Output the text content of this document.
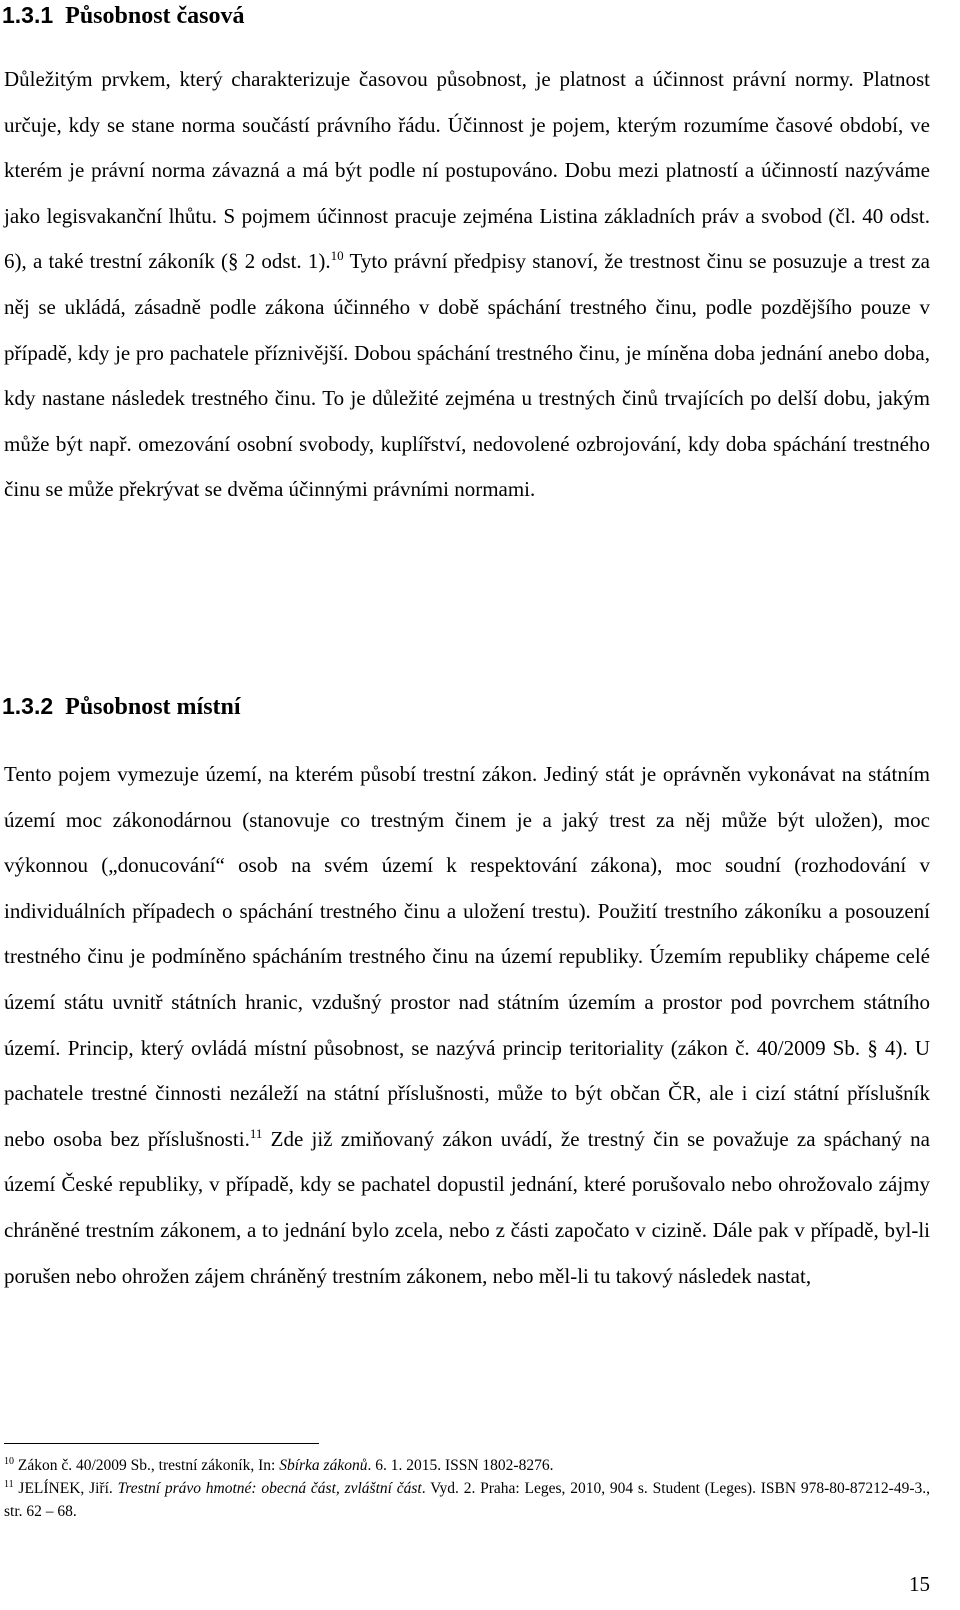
1.3.1 Působnost časová

Důležitým prvkem, který charakterizuje časovou působnost, je platnost a účinnost právní normy. Platnost určuje, kdy se stane norma součástí právního řádu. Účinnost je pojem, kterým rozumíme časové období, ve kterém je právní norma závazná a má být podle ní postupováno. Dobu mezi platností a účinností nazýváme jako legisvakanční lhůtu. S pojmem účinnost pracuje zejména Listina základních práv a svobod (čl. 40 odst. 6), a také trestní zákoník (§ 2 odst. 1).$^{10}$ Tyto právní předpisy stanoví, že trestnost činu se posuzuje a trest za něj se ukládá, zásadně podle zákona účinného v době spáchání trestného činu, podle pozdějšího pouze v případě, kdy je pro pachatele příznivější. Dobou spáchání trestného činu, je míněna doba jednání anebo doba, kdy nastane následek trestného činu. To je důležité zejména u trestných činů trvajících po delší dobu, jakým může být např. omezování osobní svobody, kuplířství, nedovolené ozbrojování, kdy doba spáchání trestného činu se může překrývat se dvěma účinnými právními normami.

1.3.2 Působnost místní

Tento pojem vymezuje území, na kterém působí trestní zákon. Jediný stát je oprávněn vykonávat na státním území moc zákonodárnou (stanovuje co trestným činem je a jaký trest za něj může být uložen), moc výkonnou („donucování“ osob na svém území k respektování zákona), moc soudní (rozhodování v individuálních případech o spáchání trestného činu a uložení trestu). Použití trestního zákoníku a posouzení trestného činu je podmíněno spácháním trestného činu na území republiky. Územím republiky chápeme celé území státu uvnitř státních hranic, vzdušný prostor nad státním územím a prostor pod povrchem státního území. Princip, který ovládá místní působnost, se nazývá princip teritoriality (zákon č. 40/2009 Sb. § 4). U pachatele trestné činnosti nezáleží na státní příslušnosti, může to být občan ČR, ale i cizí státní příslušník nebo osoba bez příslušnosti.$^{11}$ Zde již zmiňovaný zákon uvádí, že trestný čin se považuje za spáchaný na území České republiky, v případě, kdy se pachatel dopustil jednání, které porušovalo nebo ohrožovalo zájmy chráněné trestním zákonem, a to jednání bylo zcela, nebo z části započato v cizině. Dále pak v případě, byl-li porušen nebo ohrožen zájem chráněný trestním zákonem, nebo měl-li tu takový následek nastat,

$^{10}$ Zákon č. 40/2009 Sb., trestní zákoník, In: Sbírka zákonů. 6. 1. 2015. ISSN 1802-8276.

$^{11}$ JELÍNEK, Jiří. Trestní právo hmotné: obecná část, zvláštní část. Vyd. 2. Praha: Leges, 2010, 904 s. Student (Leges). ISBN 978-80-87212-49-3., str. 62 – 68.

15
